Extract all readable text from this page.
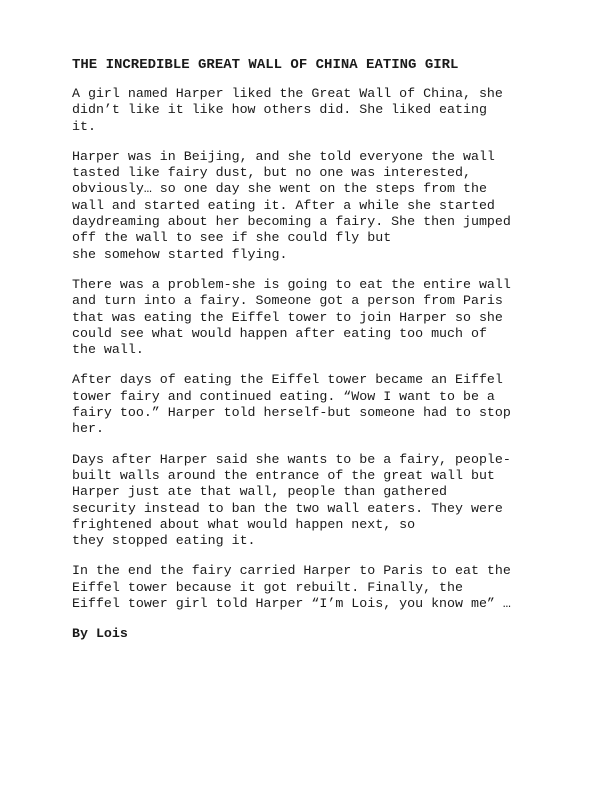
THE INCREDIBLE GREAT WALL OF CHINA EATING GIRL

A girl named Harper liked the Great Wall of China, she
didn’t like it like how others did. She liked eating
it.

Harper was in Beijing, and she told everyone the wall
tasted like fairy dust, but no one was interested,
obviously… so one day she went on the steps from the
wall and started eating it. After a while she started
daydreaming about her becoming a fairy. She then jumped
off the wall to see if she could fly but
she somehow started flying.

There was a problem-she is going to eat the entire wall
and turn into a fairy. Someone got a person from Paris
that was eating the Eiffel tower to join Harper so she
could see what would happen after eating too much of
the wall.

After days of eating the Eiffel tower became an Eiffel
tower fairy and continued eating. “Wow I want to be a
fairy too.” Harper told herself-but someone had to stop
her.

Days after Harper said she wants to be a fairy, people-
built walls around the entrance of the great wall but
Harper just ate that wall, people than gathered
security instead to ban the two wall eaters. They were
frightened about what would happen next, so
they stopped eating it.

In the end the fairy carried Harper to Paris to eat the
Eiffel tower because it got rebuilt. Finally, the
Eiffel tower girl told Harper “I’m Lois, you know me” …

By Lois
